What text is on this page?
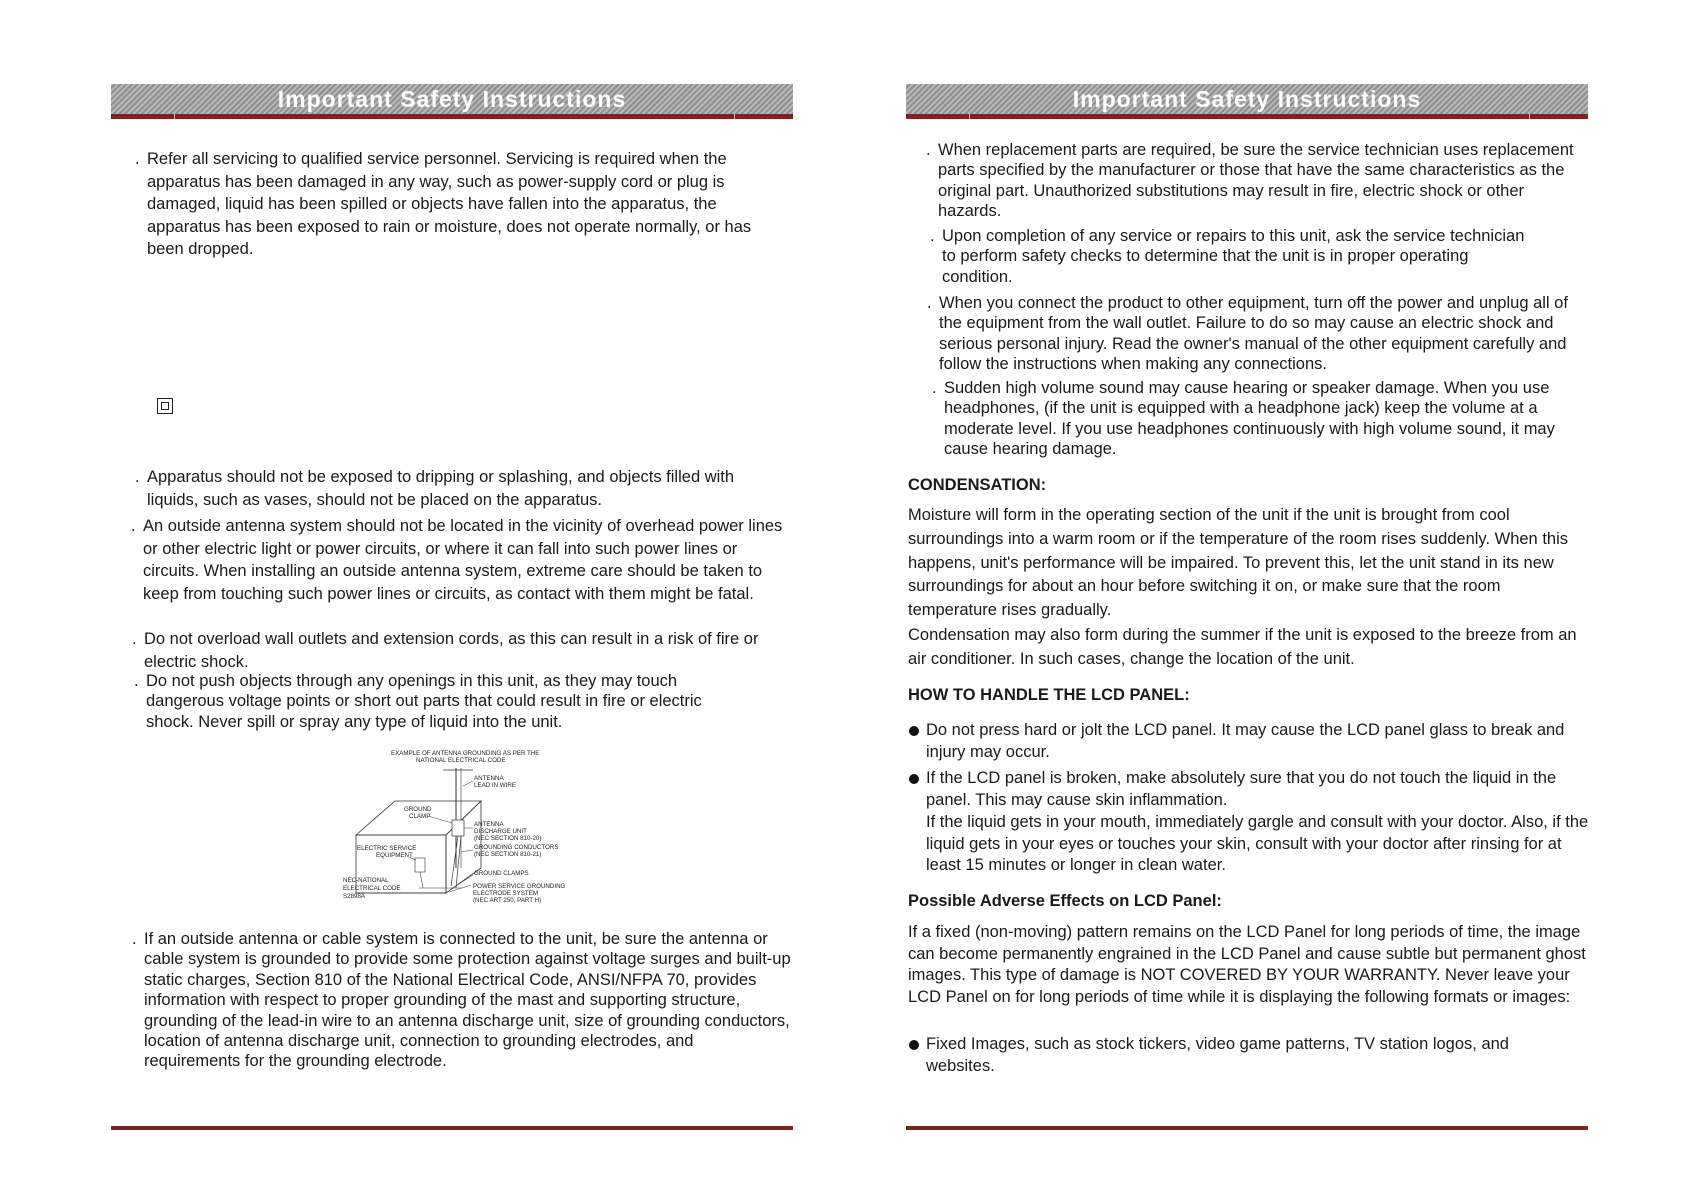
Important Safety Instructions
. Refer all servicing to qualified service personnel. Servicing is required when the apparatus has been damaged in any way, such as power-supply cord or plug is damaged, liquid has been spilled or objects have fallen into the apparatus, the apparatus has been exposed to rain or moisture, does not operate normally, or has been dropped.
. Apparatus should not be exposed to dripping or splashing, and objects filled with liquids, such as vases, should not be placed on the apparatus.
. An outside antenna system should not be located in the vicinity of overhead power lines or other electric light or power circuits, or where it can fall into such power lines or circuits. When installing an outside antenna system, extreme care should be taken to keep from touching such power lines or circuits, as contact with them might be fatal.
. Do not overload wall outlets and extension cords, as this can result in a risk of fire or electric shock.
. Do not push objects through any openings in this unit, as they may touch dangerous voltage points or short out parts that could result in fire or electric shock. Never spill or spray any type of liquid into the unit.
EXAMPLE OF ANTENNA GROUNDING AS PER THE
NATIONAL ELECTRICAL CODE
ANTENNA
LEAD IN WIRE
GROUND
CLAMP
ANTENNA
DISCHARGE UNIT
(NEC SECTION 810-20)
GROUNDING CONDUCTORS
(NEC SECTION 810-21)
ELECTRIC SERVICE
EQUIPMENT
GROUND CLAMPS
NEC-NATIONAL
ELECTRICAL CODE
S2898A
POWER SERVICE GROUNDING
ELECTRODE SYSTEM
(NEC ART 250, PART H)
. If an outside antenna or cable system is connected to the unit, be sure the antenna or cable system is grounded to provide some protection against voltage surges and built-up static charges, Section 810 of the National Electrical Code, ANSI/NFPA 70, provides information with respect to proper grounding of the mast and supporting structure, grounding of the lead-in wire to an antenna discharge unit, size of grounding conductors, location of antenna discharge unit, connection to grounding electrodes, and requirements for the grounding electrode.
Important Safety Instructions
. When replacement parts are required, be sure the service technician uses replacement parts specified by the manufacturer or those that have the same characteristics as the original part. Unauthorized substitutions may result in fire, electric shock or other hazards.
. Upon completion of any service or repairs to this unit, ask the service technician to perform safety checks to determine that the unit is in proper operating condition.
. When you connect the product to other equipment, turn off the power and unplug all of the equipment from the wall outlet. Failure to do so may cause an electric shock and serious personal injury. Read the owner's manual of the other equipment carefully and follow the instructions when making any connections.
. Sudden high volume sound may cause hearing or speaker damage. When you use headphones, (if the unit is equipped with a headphone jack) keep the volume at a moderate level. If you use headphones continuously with high volume sound, it may cause hearing damage.
CONDENSATION:
Moisture will form in the operating section of the unit if the unit is brought from cool surroundings into a warm room or if the temperature of the room rises suddenly. When this happens, unit's performance will be impaired. To prevent this, let the unit stand in its new surroundings for about an hour before switching it on, or make sure that the room temperature rises gradually.
Condensation may also form during the summer if the unit is exposed to the breeze from an air conditioner. In such cases, change the location of the unit.
HOW TO HANDLE THE LCD PANEL:
Do not press hard or jolt the LCD panel. It may cause the LCD panel glass to break and injury may occur.
If the LCD panel is broken, make absolutely sure that you do not touch the liquid in the panel. This may cause skin inflammation.
If the liquid gets in your mouth, immediately gargle and consult with your doctor. Also, if the liquid gets in your eyes or touches your skin, consult with your doctor after rinsing for at least 15 minutes or longer in clean water.
Possible Adverse Effects on LCD Panel:
If a fixed (non-moving) pattern remains on the LCD Panel for long periods of time, the image can become permanently engrained in the LCD Panel and cause subtle but permanent ghost images. This type of damage is NOT COVERED BY YOUR WARRANTY. Never leave your LCD Panel on for long periods of time while it is displaying the following formats or images:
Fixed Images, such as stock tickers, video game patterns, TV station logos, and websites.
